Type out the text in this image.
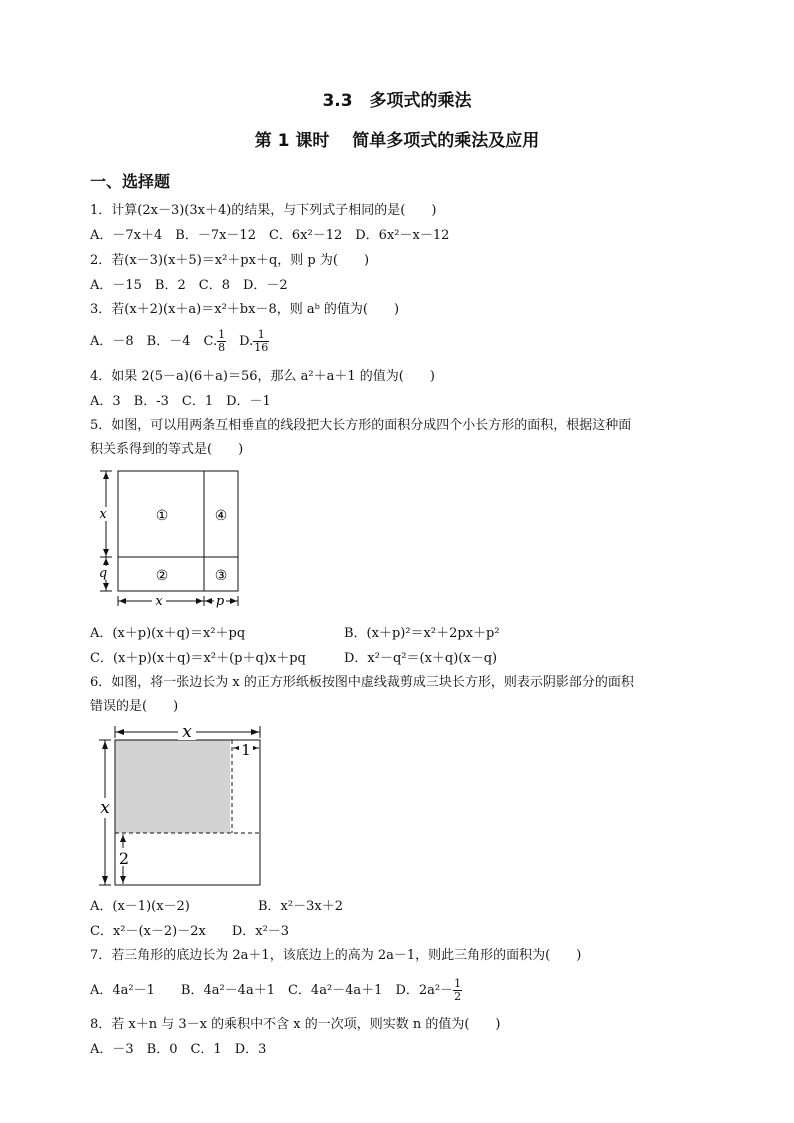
3.3　多项式的乘法
第 1 课时　 简单多项式的乘法及应用
一、选择题
1．计算(2x－3)(3x＋4)的结果，与下列式子相同的是(　　)
A．－7x＋4　B．－7x－12　C．6x²－12　D．6x²－x－12
2．若(x－3)(x＋5)＝x²＋px＋q，则 p 为(　　)
A．－15　B．2　C．8　D．－2
3．若(x＋2)(x＋a)＝x²＋bx－8，则 aᵇ 的值为(　　)
A．－8　B．－4　C. $\frac{1}{8}$ 　D. $\frac{1}{16}$
4．如果 2(5－a)(6＋a)＝56，那么 a²＋a＋1 的值为(　　)
A．3　B．-3　C．1　D．－1
5．如图，可以用两条互相垂直的线段把大长方形的面积分成四个小长方形的面积，根据这种面
积关系得到的等式是(　　)
①	④
②	③
x
q
x	p
A．(x＋p)(x＋q)＝x²＋pq	B．(x＋p)²＝x²＋2px＋p²
C．(x＋p)(x＋q)＝x²＋(p＋q)x＋pq	D．x²－q²＝(x＋q)(x－q)
6．如图，将一张边长为 x 的正方形纸板按图中虚线裁剪成三块长方形，则表示阴影部分的面积
错误的是(　　)
x
x
1
2
A．(x－1)(x－2)	B．x²－3x＋2
C．x²－(x－2)－2x　　D．x²－3
7．若三角形的底边长为 2a＋1，该底边上的高为 2a－1，则此三角形的面积为(　　)
A．4a²－1　　B．4a²－4a＋1　C．4a²－4a＋1　D．$2a^2- \frac{1}{2}$
8．若 x＋n 与 3－x 的乘积中不含 x 的一次项，则实数 n 的值为(　　)
A．－3　B．0　C．1　D．3
